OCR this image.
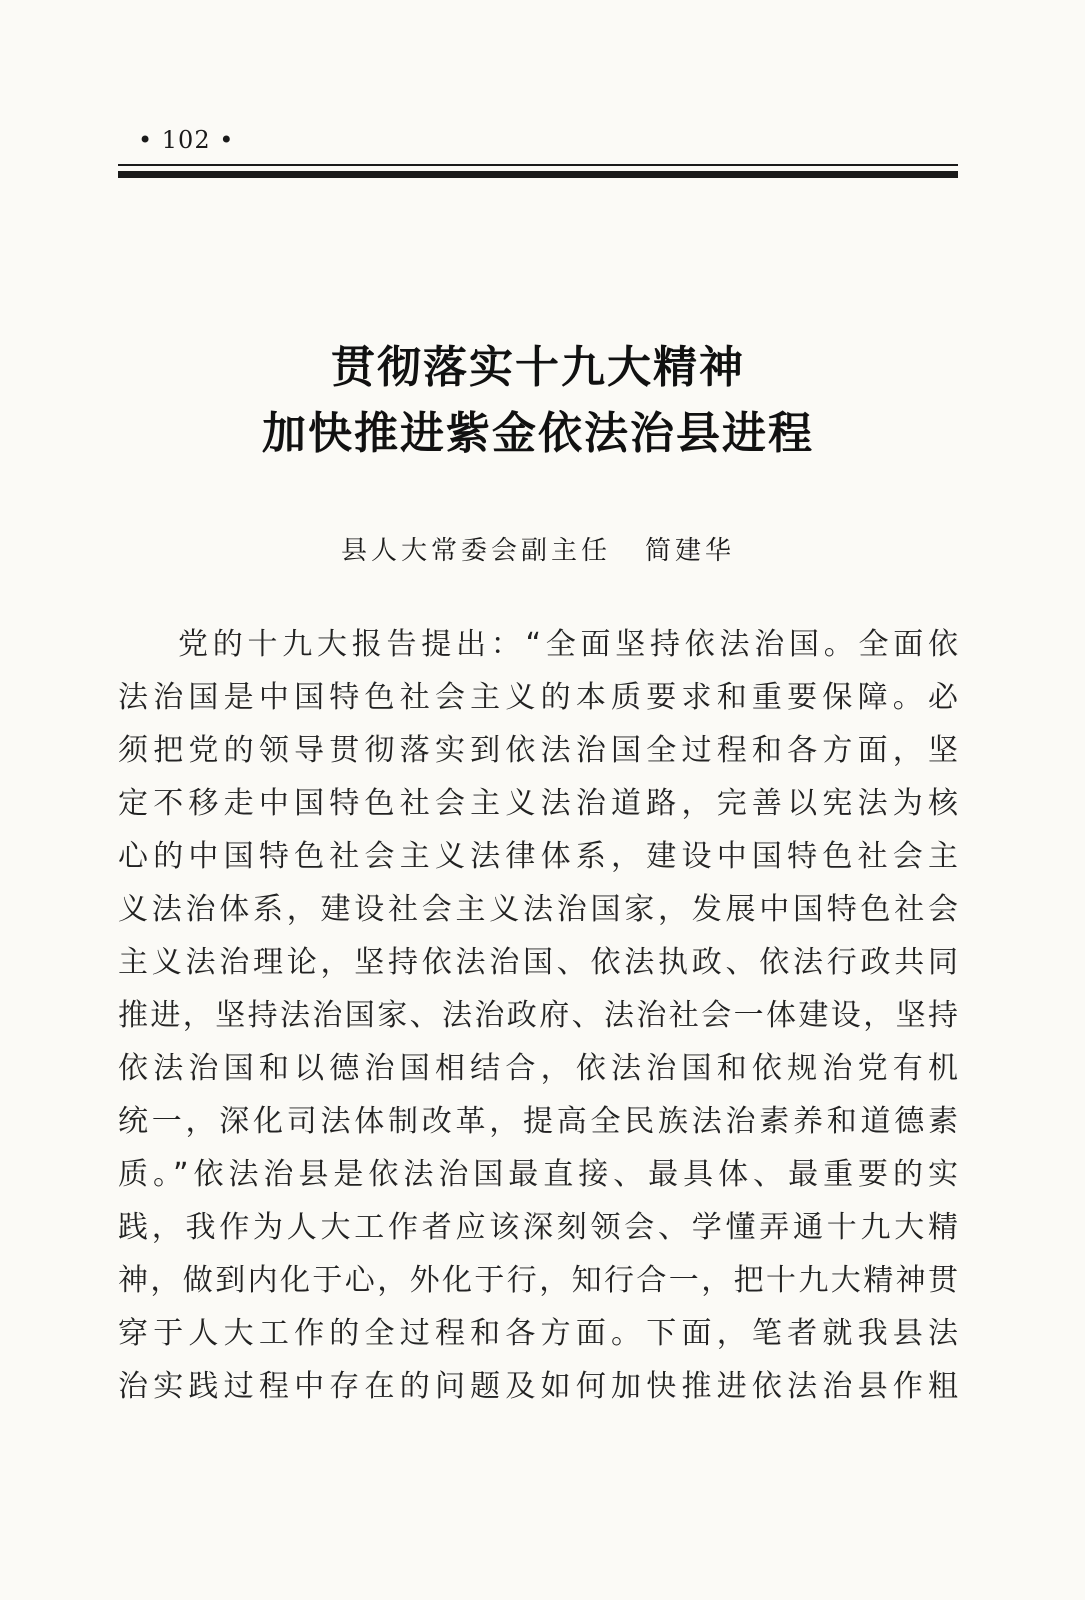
• 102 •
贯彻落实十九大精神
加快推进紫金依法治县进程
县人大常委会副主任 简建华
党的十九大报告提出：“全面坚持依法治国。全面依
法治国是中国特色社会主义的本质要求和重要保障。必
须把党的领导贯彻落实到依法治国全过程和各方面，坚
定不移走中国特色社会主义法治道路，完善以宪法为核
心的中国特色社会主义法律体系，建设中国特色社会主
义法治体系，建设社会主义法治国家，发展中国特色社会
主义法治理论，坚持依法治国、依法执政、依法行政共同
推进，坚持法治国家、法治政府、法治社会一体建设，坚持
依法治国和以德治国相结合，依法治国和依规治党有机
统一，深化司法体制改革，提高全民族法治素养和道德素
质。”依法治县是依法治国最直接、最具体、最重要的实
践，我作为人大工作者应该深刻领会、学懂弄通十九大精
神，做到内化于心，外化于行，知行合一，把十九大精神贯
穿于人大工作的全过程和各方面。下面，笔者就我县法
治实践过程中存在的问题及如何加快推进依法治县作粗
